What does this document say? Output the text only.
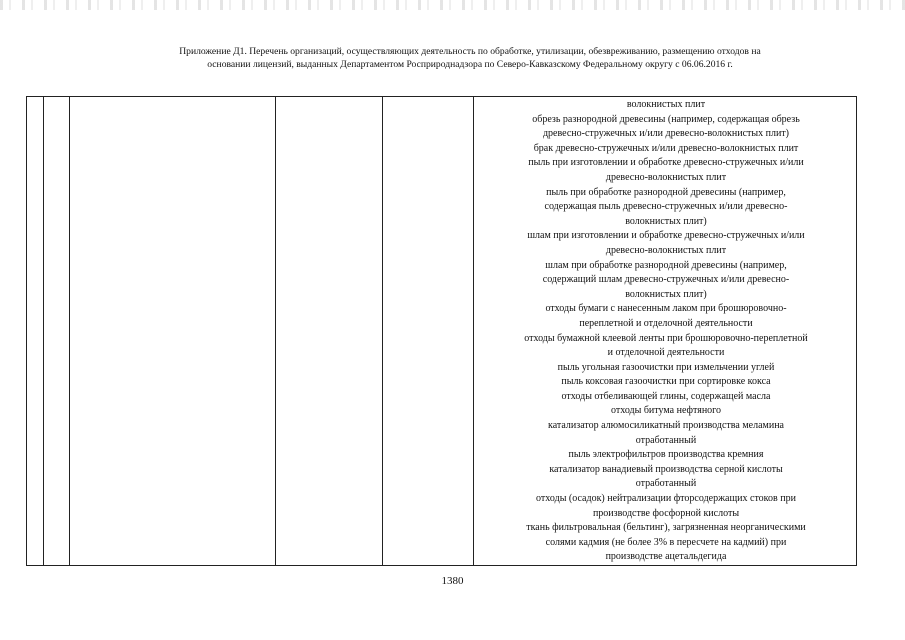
Приложение Д1. Перечень организаций, осуществляющих деятельность по обработке, утилизации, обезвреживанию, размещению отходов на
основании лицензий, выданных Департаментом Росприроднадзора по Северо-Кавказскому Федеральному округу с 06.06.2016 г.
волокнистых плит
обрезь разнородной древесины (например, содержащая обрезь
древесно-стружечных и/или древесно-волокнистых плит)
брак древесно-стружечных и/или древесно-волокнистых плит
пыль при изготовлении и обработке древесно-стружечных и/или
древесно-волокнистых плит
пыль при обработке разнородной древесины (например,
содержащая пыль древесно-стружечных и/или древесно-
волокнистых плит)
шлам при изготовлении и обработке древесно-стружечных и/или
древесно-волокнистых плит
шлам при обработке разнородной древесины (например,
содержащий шлам древесно-стружечных и/или древесно-
волокнистых плит)
отходы бумаги с нанесенным лаком при брошюровочно-
переплетной и отделочной деятельности
отходы бумажной клеевой ленты при брошюровочно-переплетной
и отделочной деятельности
пыль угольная газоочистки при измельчении углей
пыль коксовая газоочистки при сортировке кокса
отходы отбеливающей глины, содержащей масла
отходы битума нефтяного
катализатор алюмосиликатный производства меламина
отработанный
пыль электрофильтров производства кремния
катализатор ванадиевый производства серной кислоты
отработанный
отходы (осадок) нейтрализации фторсодержащих стоков при
производстве фосфорной кислоты
ткань фильтровальная (бельтинг), загрязненная неорганическими
солями кадмия (не более 3% в пересчете на кадмий) при
производстве ацетальдегида
1380
